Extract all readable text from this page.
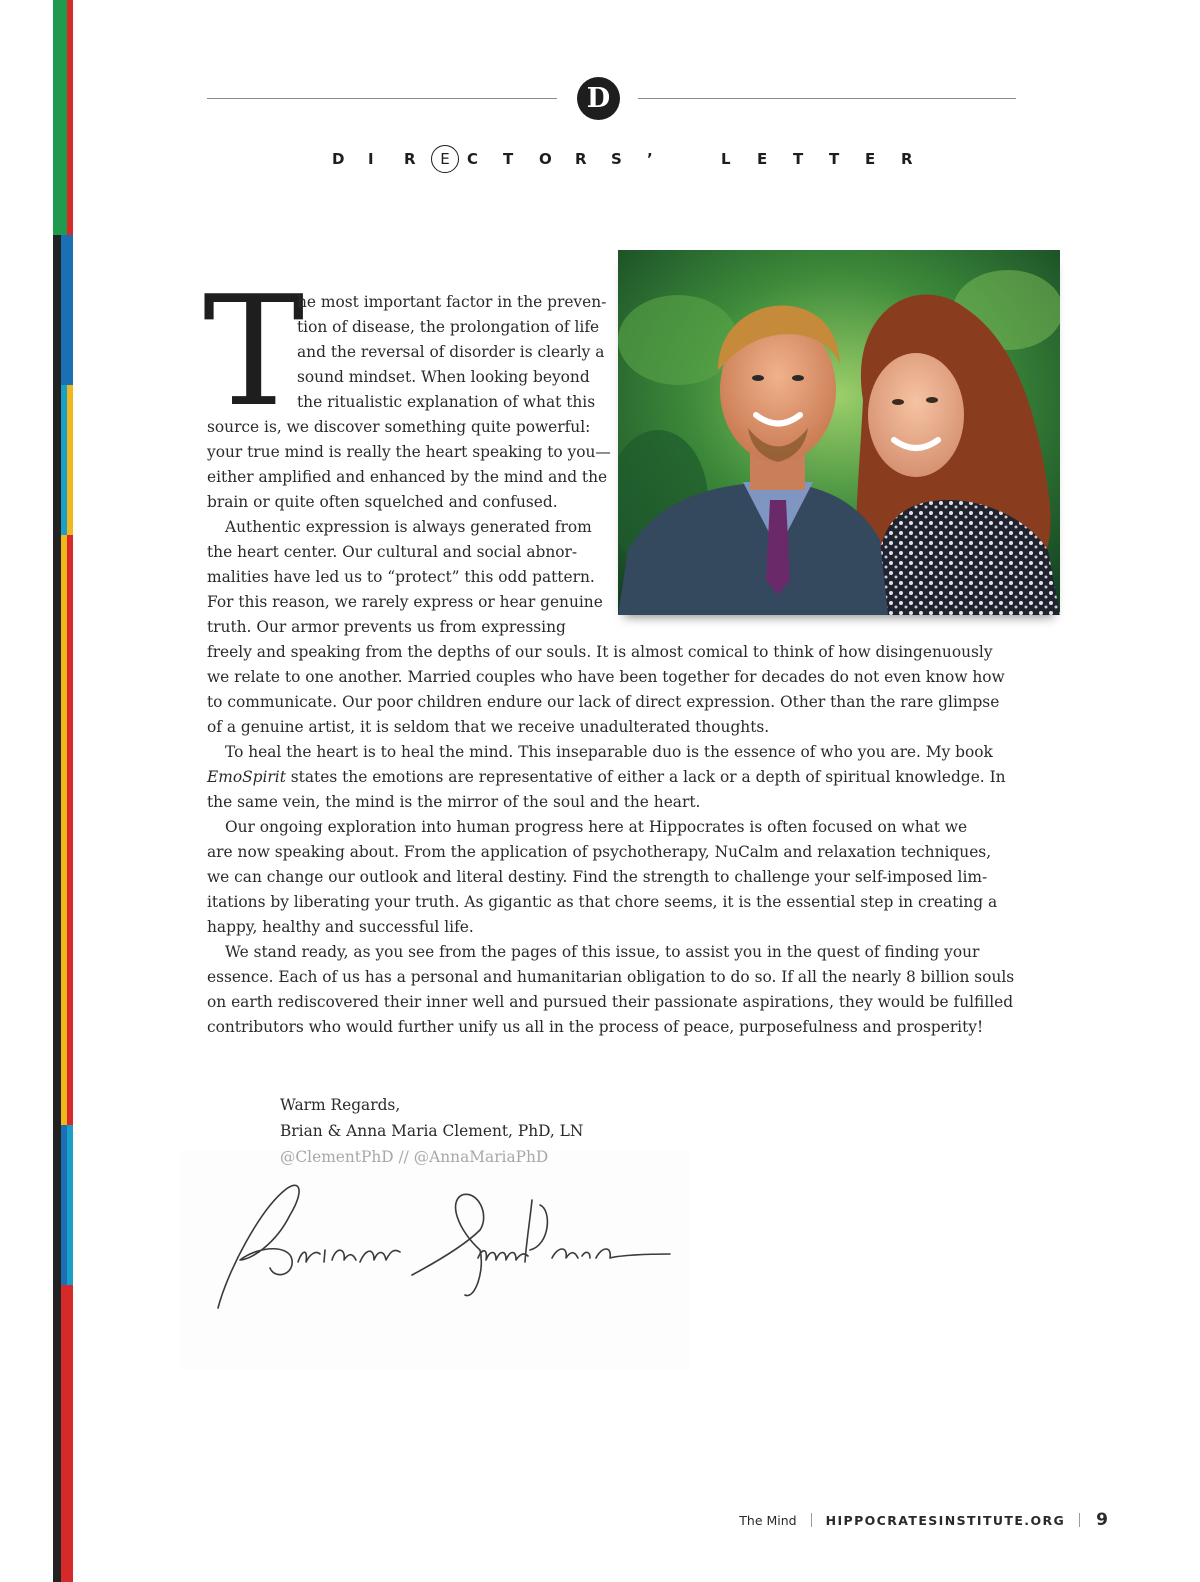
D
D	I	R	E	C	T	O	R	S	’	L	E	T	T	E	R
T
he most important factor in the preven-
tion of disease, the prolongation of life
and the reversal of disorder is clearly a
sound mindset. When looking beyond
the ritualistic explanation of what this
source is, we discover something quite powerful:
your true mind is really the heart speaking to you—
either amplified and enhanced by the mind and the
brain or quite often squelched and confused.
Authentic expression is always generated from
the heart center. Our cultural and social abnor-
malities have led us to “protect” this odd pattern.
For this reason, we rarely express or hear genuine
truth. Our armor prevents us from expressing
freely and speaking from the depths of our souls. It is almost comical to think of how disingenuously
we relate to one another. Married couples who have been together for decades do not even know how
to communicate. Our poor children endure our lack of direct expression. Other than the rare glimpse
of a genuine artist, it is seldom that we receive unadulterated thoughts.
To heal the heart is to heal the mind. This inseparable duo is the essence of who you are. My book
EmoSpirit states the emotions are representative of either a lack or a depth of spiritual knowledge. In
the same vein, the mind is the mirror of the soul and the heart.
Our ongoing exploration into human progress here at Hippocrates is often focused on what we
are now speaking about. From the application of psychotherapy, NuCalm and relaxation techniques,
we can change our outlook and literal destiny. Find the strength to challenge your self-imposed lim-
itations by liberating your truth. As gigantic as that chore seems, it is the essential step in creating a
happy, healthy and successful life.
We stand ready, as you see from the pages of this issue, to assist you in the quest of finding your
essence. Each of us has a personal and humanitarian obligation to do so. If all the nearly 8 billion souls
on earth rediscovered their inner well and pursued their passionate aspirations, they would be fulfilled
contributors who would further unify us all in the process of peace, purposefulness and prosperity!
Warm Regards,
Brian & Anna Maria Clement, PhD, LN
The Mind HIPPOCRATESINSTITUTE.ORG 9
